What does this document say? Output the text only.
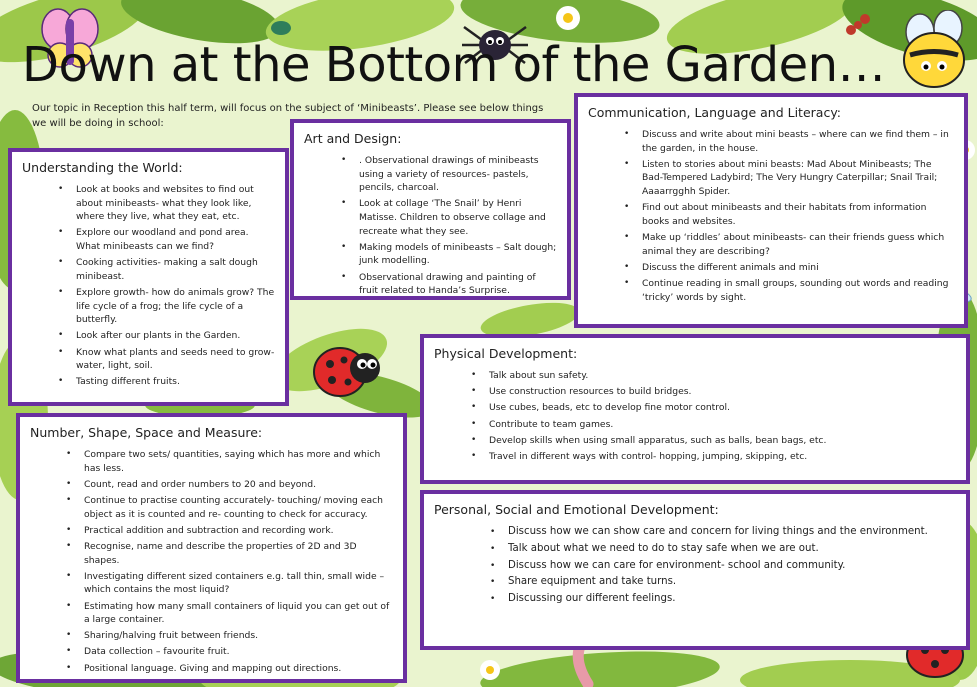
Down at the Bottom of the Garden…
Our topic in Reception this half term, will focus on the subject of ‘Minibeasts’. Please see below things we will be doing in school:
Understanding the World:
• Look at books and websites to find out about minibeasts- what they look like, where they live, what they eat, etc.
• Explore our woodland and pond area. What minibeasts can we find?
• Cooking activities- making a salt dough minibeast.
• Explore growth- how do animals grow? The life cycle of a frog; the life cycle of a butterfly.
• Look after our plants in the Garden.
• Know what plants and seeds need to grow- water, light, soil.
• Tasting different fruits.
Art and Design:
• . Observational drawings of minibeasts using a variety of resources- pastels, pencils, charcoal.
• Look at collage ‘The Snail’ by Henri Matisse. Children to observe collage and recreate what they see.
• Making models of minibeasts – Salt dough; junk modelling.
• Observational drawing and painting of fruit related to Handa’s Surprise.
Communication, Language and Literacy:
• Discuss and write about mini beasts – where can we find them – in the garden, in the house.
• Listen to stories about mini beasts: Mad About Minibeasts; The Bad-Tempered Ladybird; The Very Hungry Caterpillar; Snail Trail; Aaaarrgghh Spider.
• Find out about minibeasts and their habitats from information books and websites.
• Make up ‘riddles’ about minibeasts- can their friends guess which animal they are describing?
• Discuss the different animals and mini
• Continue reading in small groups, sounding out words and reading ‘tricky’ words by sight.
Physical Development:
• Talk about sun safety.
• Use construction resources to build bridges.
• Use cubes, beads, etc to develop fine motor control.
• Contribute to team games.
• Develop skills when using small apparatus, such as balls, bean bags, etc.
• Travel in different ways with control- hopping, jumping, skipping, etc.
Number, Shape, Space and Measure:
• Compare two sets/ quantities, saying which has more and which has less.
• Count, read and order numbers to 20 and beyond.
• Continue to practise counting accurately- touching/ moving each object as it is counted and re- counting to check for accuracy.
• Practical addition and subtraction and recording work.
• Recognise, name and describe the properties of 2D and 3D shapes.
• Investigating different sized containers e.g. tall thin, small wide – which contains the most liquid?
• Estimating how many small containers of liquid you can get out of a large container.
• Sharing/halving fruit between friends.
• Data collection – favourite fruit.
• Positional language. Giving and mapping out directions.
Personal, Social and Emotional Development:
• Discuss how we can show care and concern for living things and the environment.
• Talk about what we need to do to stay safe when we are out.
• Discuss how we can care for environment- school and community.
• Share equipment and take turns.
• Discussing our different feelings.
